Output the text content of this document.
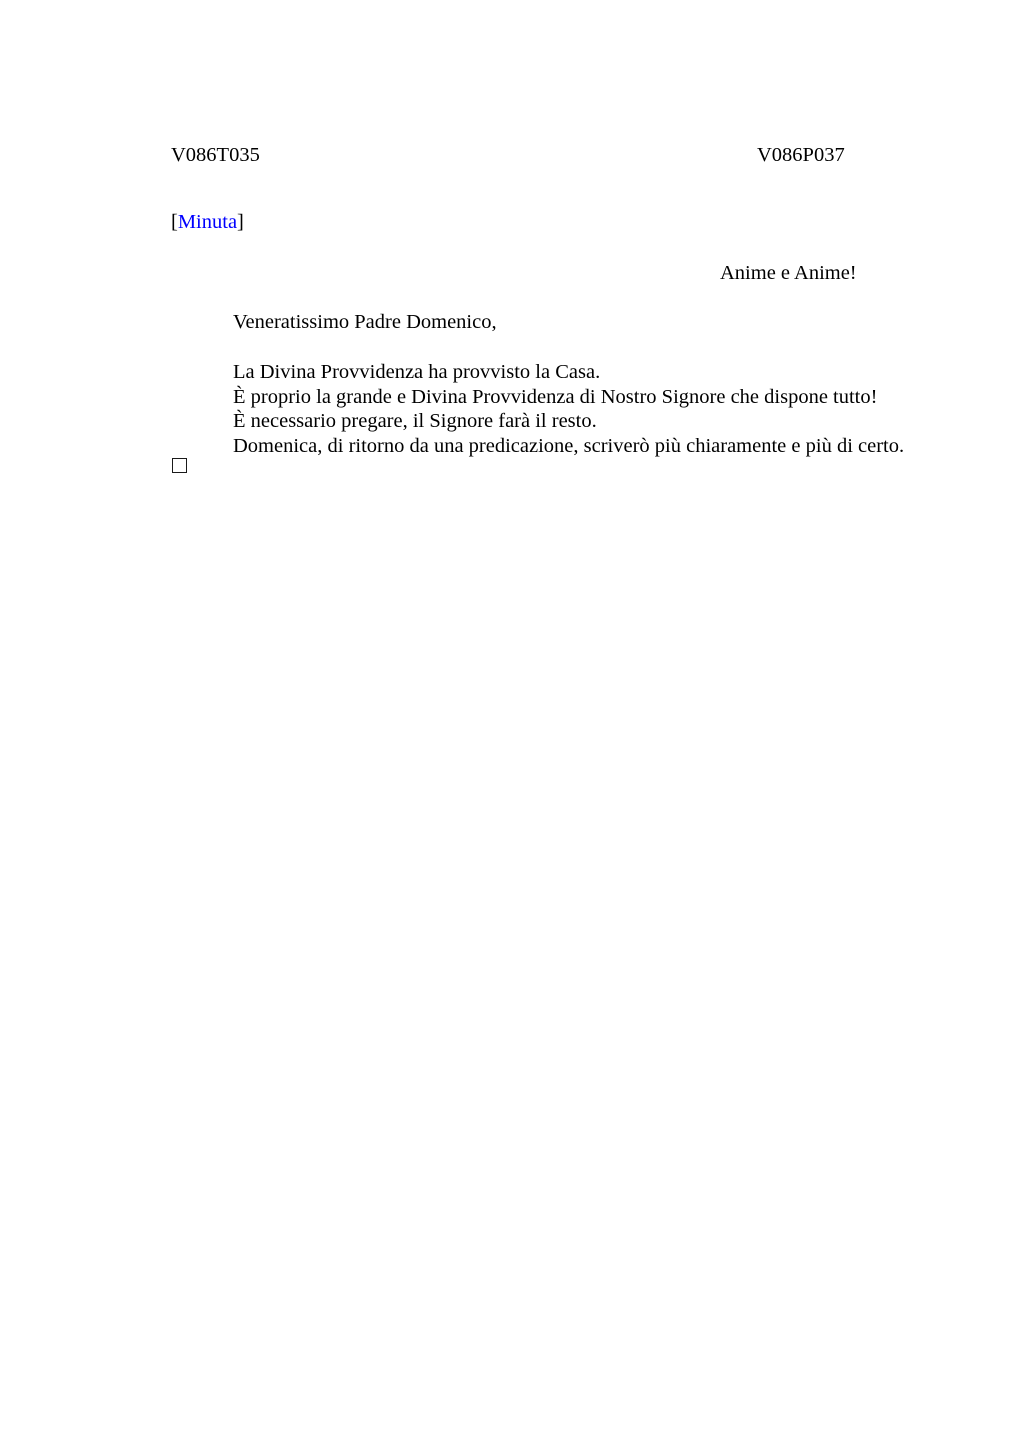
V086T035	V086P037
[Minuta]
Anime e Anime!
Veneratissimo Padre Domenico,
La Divina Provvidenza ha provvisto la Casa.
È proprio la grande e Divina Provvidenza di Nostro Signore che dispone tutto!
È necessario pregare, il Signore farà il resto.
Domenica, di ritorno da una predicazione, scriverò più chiaramente e più di certo.
